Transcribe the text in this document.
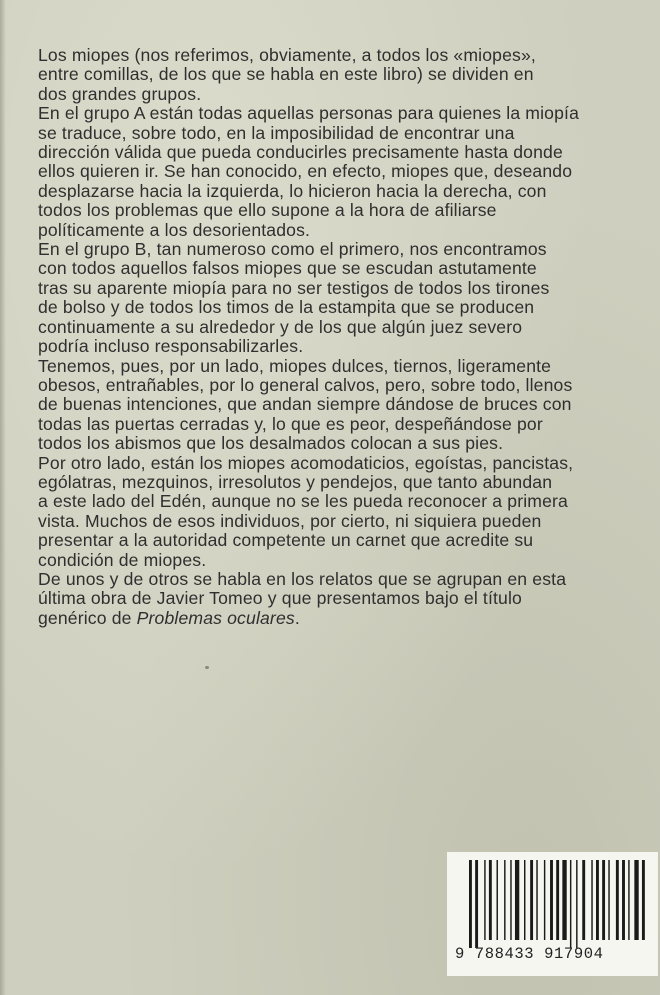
Los miopes (nos referimos, obviamente, a todos los «miopes»,
entre comillas, de los que se habla en este libro) se dividen en
dos grandes grupos.

En el grupo A están todas aquellas personas para quienes la miopía
se traduce, sobre todo, en la imposibilidad de encontrar una
dirección válida que pueda conducirles precisamente hasta donde
ellos quieren ir. Se han conocido, en efecto, miopes que, deseando
desplazarse hacia la izquierda, lo hicieron hacia la derecha, con
todos los problemas que ello supone a la hora de afiliarse
políticamente a los desorientados.

En el grupo B, tan numeroso como el primero, nos encontramos
con todos aquellos falsos miopes que se escudan astutamente
tras su aparente miopía para no ser testigos de todos los tirones
de bolso y de todos los timos de la estampita que se producen
continuamente a su alrededor y de los que algún juez severo
podría incluso responsabilizarles.

Tenemos, pues, por un lado, miopes dulces, tiernos, ligeramente
obesos, entrañables, por lo general calvos, pero, sobre todo, llenos
de buenas intenciones, que andan siempre dándose de bruces con
todas las puertas cerradas y, lo que es peor, despeñándose por
todos los abismos que los desalmados colocan a sus pies.

Por otro lado, están los miopes acomodaticios, egoístas, pancistas,
ególatras, mezquinos, irresolutos y pendejos, que tanto abundan
a este lado del Edén, aunque no se les pueda reconocer a primera
vista. Muchos de esos individuos, por cierto, ni siquiera pueden
presentar a la autoridad competente un carnet que acredite su
condición de miopes.

De unos y de otros se habla en los relatos que se agrupan en esta
última obra de Javier Tomeo y que presentamos bajo el título
genérico de Problemas oculares.

9 788433 917904
